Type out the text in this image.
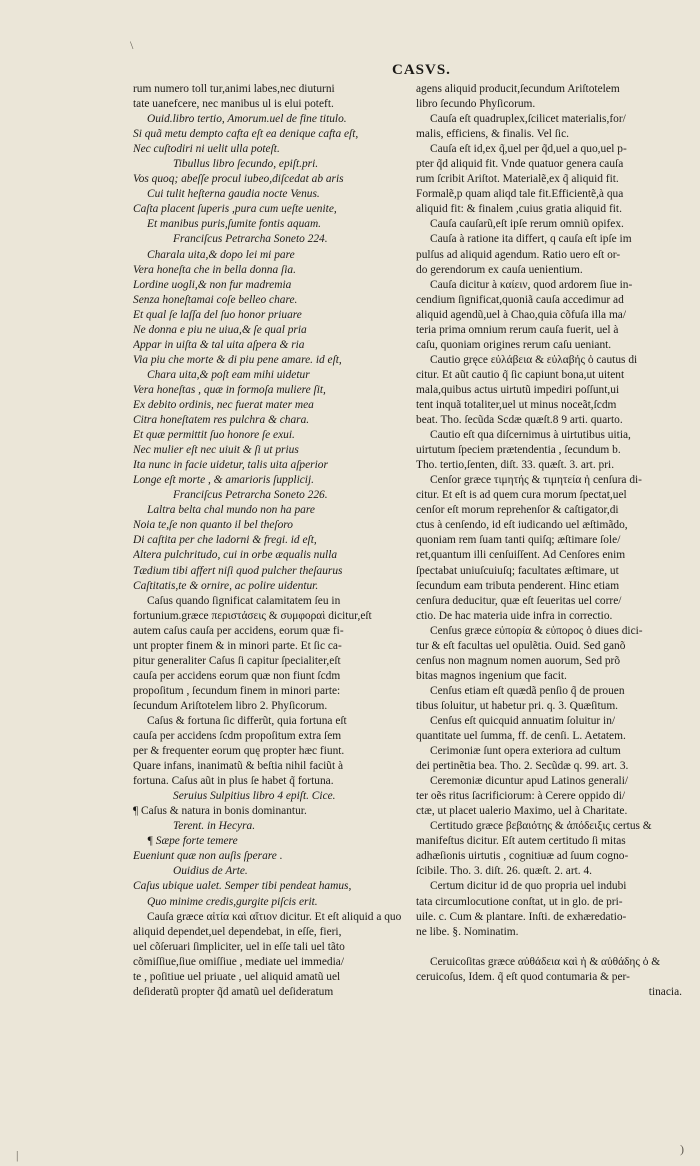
CASVS.
\
|	)
rum numero toll tur,animi labes,nec diuturni
tate uanefcere, nec manibus ul is elui poteft.
Ouid.libro tertio, Amorum.uel de fine titulo.
Si quã metu dempto cafta eſt ea denique cafta eſt,
Nec cuſtodiri ni uelit ulla poteſt.
Tibullus libro ſecundo, epiſt.pri.
Vos quoq; abeſſe procul iubeo,diſcedat ab aris
Cui tulit heſterna gaudia nocte Venus.
Caſta placent ſuperis ,pura cum ueſte uenite,
Et manibus puris,ſumite fontis aquam.
Franciſcus Petrarcha Soneto 224.
Charala uita,& dopo lei mi pare
Vera honeſta che in bella donna ſia.
Lordine uogli,& non fur madremia
Senza honeſtamai coſe belleo chare.
Et qual ſe laſſa del ſuo honor priuare
Ne donna e piu ne uiua,& ſe qual pria
Appar in uiſta & tal uita aſpera & ria
Via piu che morte & di piu pene amare. id eſt,
Chara uita,& poſt eam mihi uidetur
Vera honeſtas , quæ in formoſa muliere ſit,
Ex debito ordinis, nec fuerat mater mea
Citra honeſtatem res pulchra & chara.
Et quæ permittit ſuo honore ſe exui.
Nec mulier eſt nec uiuit & ſi ut prius
Ita nunc in facie uidetur, talis uita aſperior
Longe eſt morte , & amarioris ſupplicij.
Franciſcus Petrarcha Soneto 226.
Laltra belta chal mundo non ha pare
Noia te,ſe non quanto il bel theſoro
Di caſtita per che ladorni & fregi. id eſt,
Altera pulchritudo, cui in orbe æqualis nulla
Tædium tibi affert niſi quod pulcher theſaurus
Caſtitatis,te & ornire, ac polire uidentur.
Caſus quando ſignificat calamitatem ſeu in
fortunium.græce περιστάσεις & συμφοραὶ dicitur,eſt
autem caſus cauſa per accidens, eorum quæ fi-
unt propter finem & in minori parte. Et ſic ca-
pitur generaliter Caſus ſi capitur ſpecialiter,eſt
cauſa per accidens eorum quæ non fiunt ſcdm
propoſitum , ſecundum finem in minori parte:
ſecundum Ariſtotelem libro 2. Phyſicorum.
Caſus & fortuna ſic differũt, quia fortuna eſt
cauſa per accidens ſcdm propoſitum extra ſem
per & frequenter eorum quę propter hæc fiunt.
Quare infans, inanimatũ & beſtia nihil faciũt à
fortuna. Caſus aũt in plus ſe habet q̃ fortuna.
Seruius Sulpitius libro 4 epiſt. Cice.
¶ Caſus & natura in bonis dominantur.
Terent. in Hecyra.
¶ Sæpe forte temere
Eueniunt quæ non auſis ſperare .
Ouidius de Arte.
Caſus ubique ualet. Semper tibi pendeat hamus,
Quo minime credis,gurgite piſcis erit.
Cauſa græce αἰτία καὶ αἴτιον dicitur. Et eſt aliquid a quo
aliquid dependet,uel dependebat, in eſſe, fieri,
uel cõſeruari ſimpliciter, uel in eſſe tali uel tãto
cõmiſſiue,ſiue omiſſiue , mediate uel immedia/
te , poſitiue uel priuate , uel aliquid amatũ uel
deſideratũ propter q̃d amatũ uel deſideratum
agens aliquid producit,ſecundum Ariſtotelem
libro ſecundo Phyſicorum.
Cauſa eſt quadruplex,ſcilicet materialis,for/
malis, efficiens, & finalis. Vel ſic.
Cauſa eſt id,ex q̃,uel per q̃d,uel a quo,uel p-
pter q̃d aliquid fit. Vnde quatuor genera cauſa
rum ſcribit Ariſtot. Materialẽ,ex q̃ aliquid fit.
Formalẽ,p quam aliqd tale fit.Efficientẽ,à qua
aliquid fit: & finalem ,cuius gratia aliquid fit.
Cauſa cauſarũ,eſt ipſe rerum omniũ opifex.
Cauſa à ratione ita differt, q cauſa eſt ipſe im
pulſus ad aliquid agendum. Ratio uero eſt or-
do gerendorum ex cauſa uenientium.
Cauſa dicitur à καίειν, quod ardorem ſiue in-
cendium ſignificat,quoniã cauſa accedimur ad
aliquid agendũ,uel à Chao,quia cõfuſa illa ma/
teria prima omnium rerum cauſa fuerit, uel à
caſu, quoniam origines rerum caſu ueniant.
Cautio gręce εὐλάβεια & εὐλαβής ὁ cautus di
citur. Et aũt cautio q̃ ſic capiunt bona,ut uitent
mala,quibus actus uirtutũ impediri poſſunt,ui
tent inquã totaliter,uel ut minus noceãt,ſcdm
beat. Tho. ſecũda Scdæ quæſt.8 9 arti. quarto.
Cautio eſt qua diſcernimus à uirtutibus uitia,
uirtutum ſpeciem prætendentia , ſecundum b.
Tho. tertio,ſenten, diſt. 33. quæſt. 3. art. pri.
Cenſor græce τιμητής & τιμητεία ἡ cenſura di-
citur. Et eſt is ad quem cura morum ſpectat,uel
cenſor eſt morum reprehenſor & caſtigator,di
ctus à cenſendo, id eſt iudicando uel æſtimãdo,
quoniam rem ſuam tanti quiſq; æſtimare ſole/
ret,quantum illi cenſuiſſent. Ad Cenſores enim
ſpectabat uniuſcuiuſq; facultates æſtimare, ut
ſecundum eam tributa penderent. Hinc etiam
cenſura deducitur, quæ eſt ſeueritas uel corre/
ctio. De hac materia uide infra in correctio.
Cenſus græce εὐπορία & εὐπορος ὁ diues dici-
tur & eſt facultas uel opulẽtia. Ouid. Sed ganõ
cenſus non magnum nomen auorum, Sed prõ
bitas magnos ingenium que facit.
Cenſus etiam eſt quædã penſio q̃ de prouen
tibus ſoluitur, ut habetur pri. q. 3. Quæſitum.
Cenſus eſt quicquid annuatim ſoluitur in/
quantitate uel ſumma, ff. de cenſi. L. Aetatem.
Cerimoniæ ſunt opera exteriora ad cultum
dei pertinẽtia bea. Tho. 2. Secũdæ q. 99. art. 3.
Ceremoniæ dicuntur apud Latinos generali/
ter oẽs ritus ſacrificiorum: à Cerere oppido di/
ctæ, ut placet ualerio Maximo, uel à Charitate.
Certitudo græce βεβαιότης & ἀπόδειξις certus &
manifeſtus dicitur. Eſt autem certitudo ſi mitas
adhæſionis uirtutis , cognitiuæ ad ſuum cogno-
ſcibile. Tho. 3. diſt. 26. quæſt. 2. art. 4.
Certum dicitur id de quo propria uel indubi
tata circumlocutione conſtat, ut in glo. de pri-
uile. c. Cum & plantare. Inſti. de exhæredatio-
ne libe. §. Nominatim.
Ceruicoſitas græce αὐθάδεια καὶ ἡ & αὐθάδης ὁ &
ceruicoſus, Idem. q̃ eſt quod contumaria & per-
tinacia.
